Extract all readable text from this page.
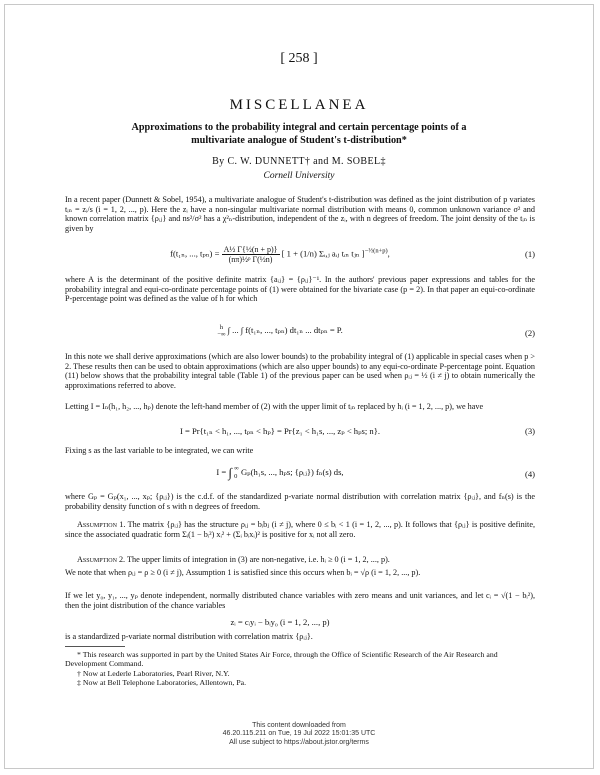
[ 258 ]
MISCELLANEA
Approximations to the probability integral and certain percentage points of a multivariate analogue of Student's t-distribution*
By C. W. DUNNETT† and M. SOBEL‡
Cornell University
In a recent paper (Dunnett & Sobel, 1954), a multivariate analogue of Student's t-distribution was defined as the joint distribution of p variates tᵢₙ = zᵢ/s (i = 1, 2, ..., p). Here the zᵢ have a non-singular multivariate normal distribution with means 0, common unknown variance σ² and known correlation matrix {ρᵢⱼ} and ns²/σ² has a χ²ₙ-distribution, independent of the zᵢ, with n degrees of freedom. The joint density of the tᵢₙ is given by
f(t₁ₙ, ..., $t_{pn}) = \frac{\text{A½ Γ\{½(n + p)\}}}{\text{(nπ)½ᵖ Γ(½n)}}$ [ 1 + (1/n) Σᵢ,ⱼ aᵢⱼ tᵢₙ tⱼₙ ]$^{-\frac{1}{2}(n+p)}$,	(1)
where A is the determinant of the positive definite matrix {aᵢⱼ} = {ρᵢⱼ}⁻¹. In the authors' previous paper expressions and tables for the probability integral and equi-co-ordinate percentage points of (1) were obtained for the bivariate case (p = 2). In that paper an equi-co-ordinate P-percentage point was defined as the value of h for which
h
−∞ ∫ ... ∫ f(t₁ₙ, ..., tₚₙ) dt₁ₙ ... dtₚₙ = P.	(2)
In this note we shall derive approximations (which are also lower bounds) to the probability integral of (1) applicable in special cases when p > 2. These results then can be used to obtain approximations (which are also upper bounds) to any equi-co-ordinate P-percentage point. Equation (11) below shows that the probability integral table (Table 1) of the previous paper can be used when ρᵢⱼ = ½ (i ≠ j) to obtain numerically the approximations referred to above.
Letting I = Iₙ(h₁, h₂, ..., hₚ) denote the left-hand member of (2) with the upper limit of tᵢₙ replaced by hᵢ (i = 1, 2, ..., p), we have
I = Pr{t₁ₙ < h₁, ..., tₚₙ < hₚ} = Pr{z₁ < h₁s, ..., zₚ < hₚs; n}.	(3)
Fixing s as the last variable to be integrated, we can write
I = ∫ ∞
0 Gₚ(h₁s, ..., hₚs; {ρᵢⱼ}) fₙ(s) ds,	(4)
where Gₚ = Gₚ(x₁, ..., xₚ; {ρᵢⱼ}) is the c.d.f. of the standardized p-variate normal distribution with correlation matrix {ρᵢⱼ}, and fₙ(s) is the probability density function of s with n degrees of freedom.
Assumption 1. The matrix {ρᵢⱼ} has the structure ρᵢⱼ = bᵢbⱼ (i ≠ j), where 0 ≤ bᵢ < 1 (i = 1, 2, ..., p). It follows that {ρᵢⱼ} is positive definite, since the associated quadratic form Σᵢ(1 − bᵢ²) xᵢ² + (Σᵢ bᵢxᵢ)² is positive for xᵢ not all zero.
Assumption 2. The upper limits of integration in (3) are non-negative, i.e. hᵢ ≥ 0 (i = 1, 2, ..., p).
We note that when ρᵢⱼ = ρ ≥ 0 (i ≠ j), Assumption 1 is satisfied since this occurs when bᵢ = √ρ (i = 1, 2, ..., p).
If we let y₀, y₁, ..., yₚ denote independent, normally distributed chance variables with zero means and unit variances, and let cᵢ = √(1 − bᵢ²), then the joint distribution of the chance variables
zᵢ = cᵢyᵢ − bᵢy₀ (i = 1, 2, ..., p)
is a standardized p-variate normal distribution with correlation matrix {ρᵢⱼ}.

* This research was supported in part by the United States Air Force, through the Office of Scientific Research of the Air Research and Development Command.

† Now at Lederle Laboratories, Pearl River, N.Y.

‡ Now at Bell Telephone Laboratories, Allentown, Pa.

This content downloaded from
46.20.115.211 on Tue, 19 Jul 2022 15:01:35 UTC
All use subject to https://about.jstor.org/terms
